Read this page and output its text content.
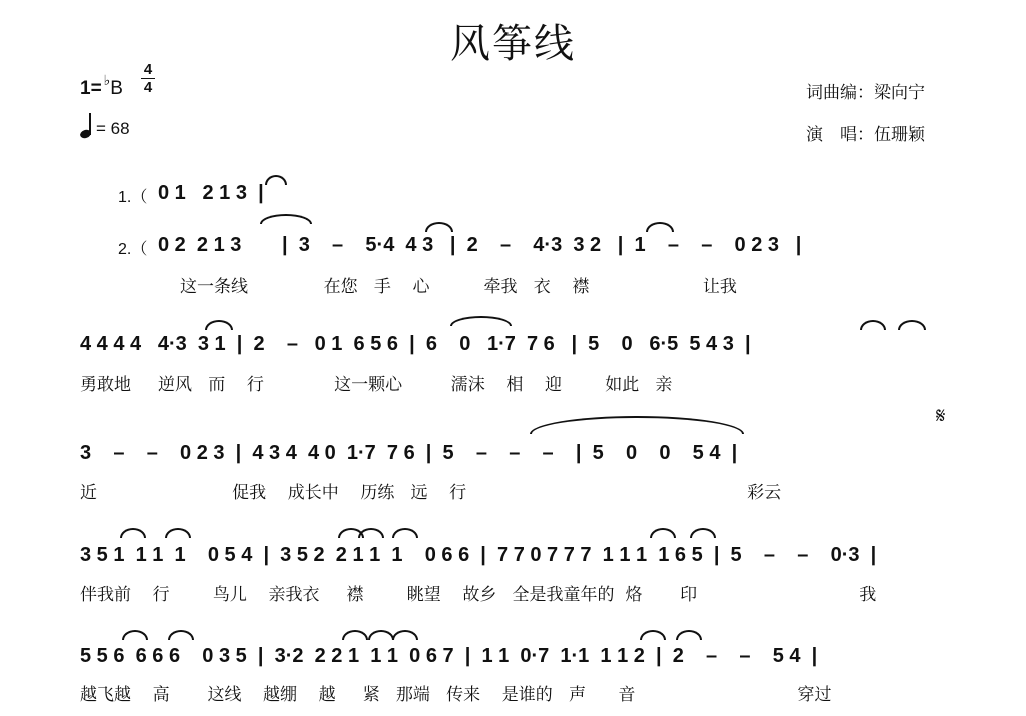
风筝线
1= ♭B
4
4
= 68
词曲编：梁向宁
演　唱：伍珊颖
1.（ 0 1   2 1 3  |
2.（ 0 2  2 1 3 |  3    –    5·4  4 3   |  2    –    4·3  3 2   |  1    –    –    0 2 3   |
这一条线              在您   手    心          牵我   衣    襟                     让我
4 4 4 4   4·3  3 1  |  2    –   0 1  6 5 6  |  6    0   1·7  7 6   |  5    0   6·5  5 4 3  |
勇敢地     逆风   而    行             这一颗心         濡沫    相    迎        如此   亲
3    –    –    0 2 3  |  4 3 4  4 0  1·7  7 6  |  5    –    –    –    |  5    0    0    5 4  |
近                         促我    成长中    历练   远    行                                                    彩云
𝄋
3 5 1  1 1  1    0 5 4  |  3 5 2  2 1 1  1    0 6 6  |  7 7 0 7 7 7  1 1 1  1 6 5  |  5    –    –    0·3  |
伴我前    行        鸟儿    亲我衣     襟        眺望    故乡   全是我童年的  烙       印                              我
5 5 6  6 6 6    0 3 5  |  3·2  2 2 1  1 1  0 6 7  |  1 1  0·7  1·1  1 1 2  |  2    –    –    5 4  |
越飞越    高       这线    越绷    越     紧   那端   传来    是谁的   声      音                              穿过
